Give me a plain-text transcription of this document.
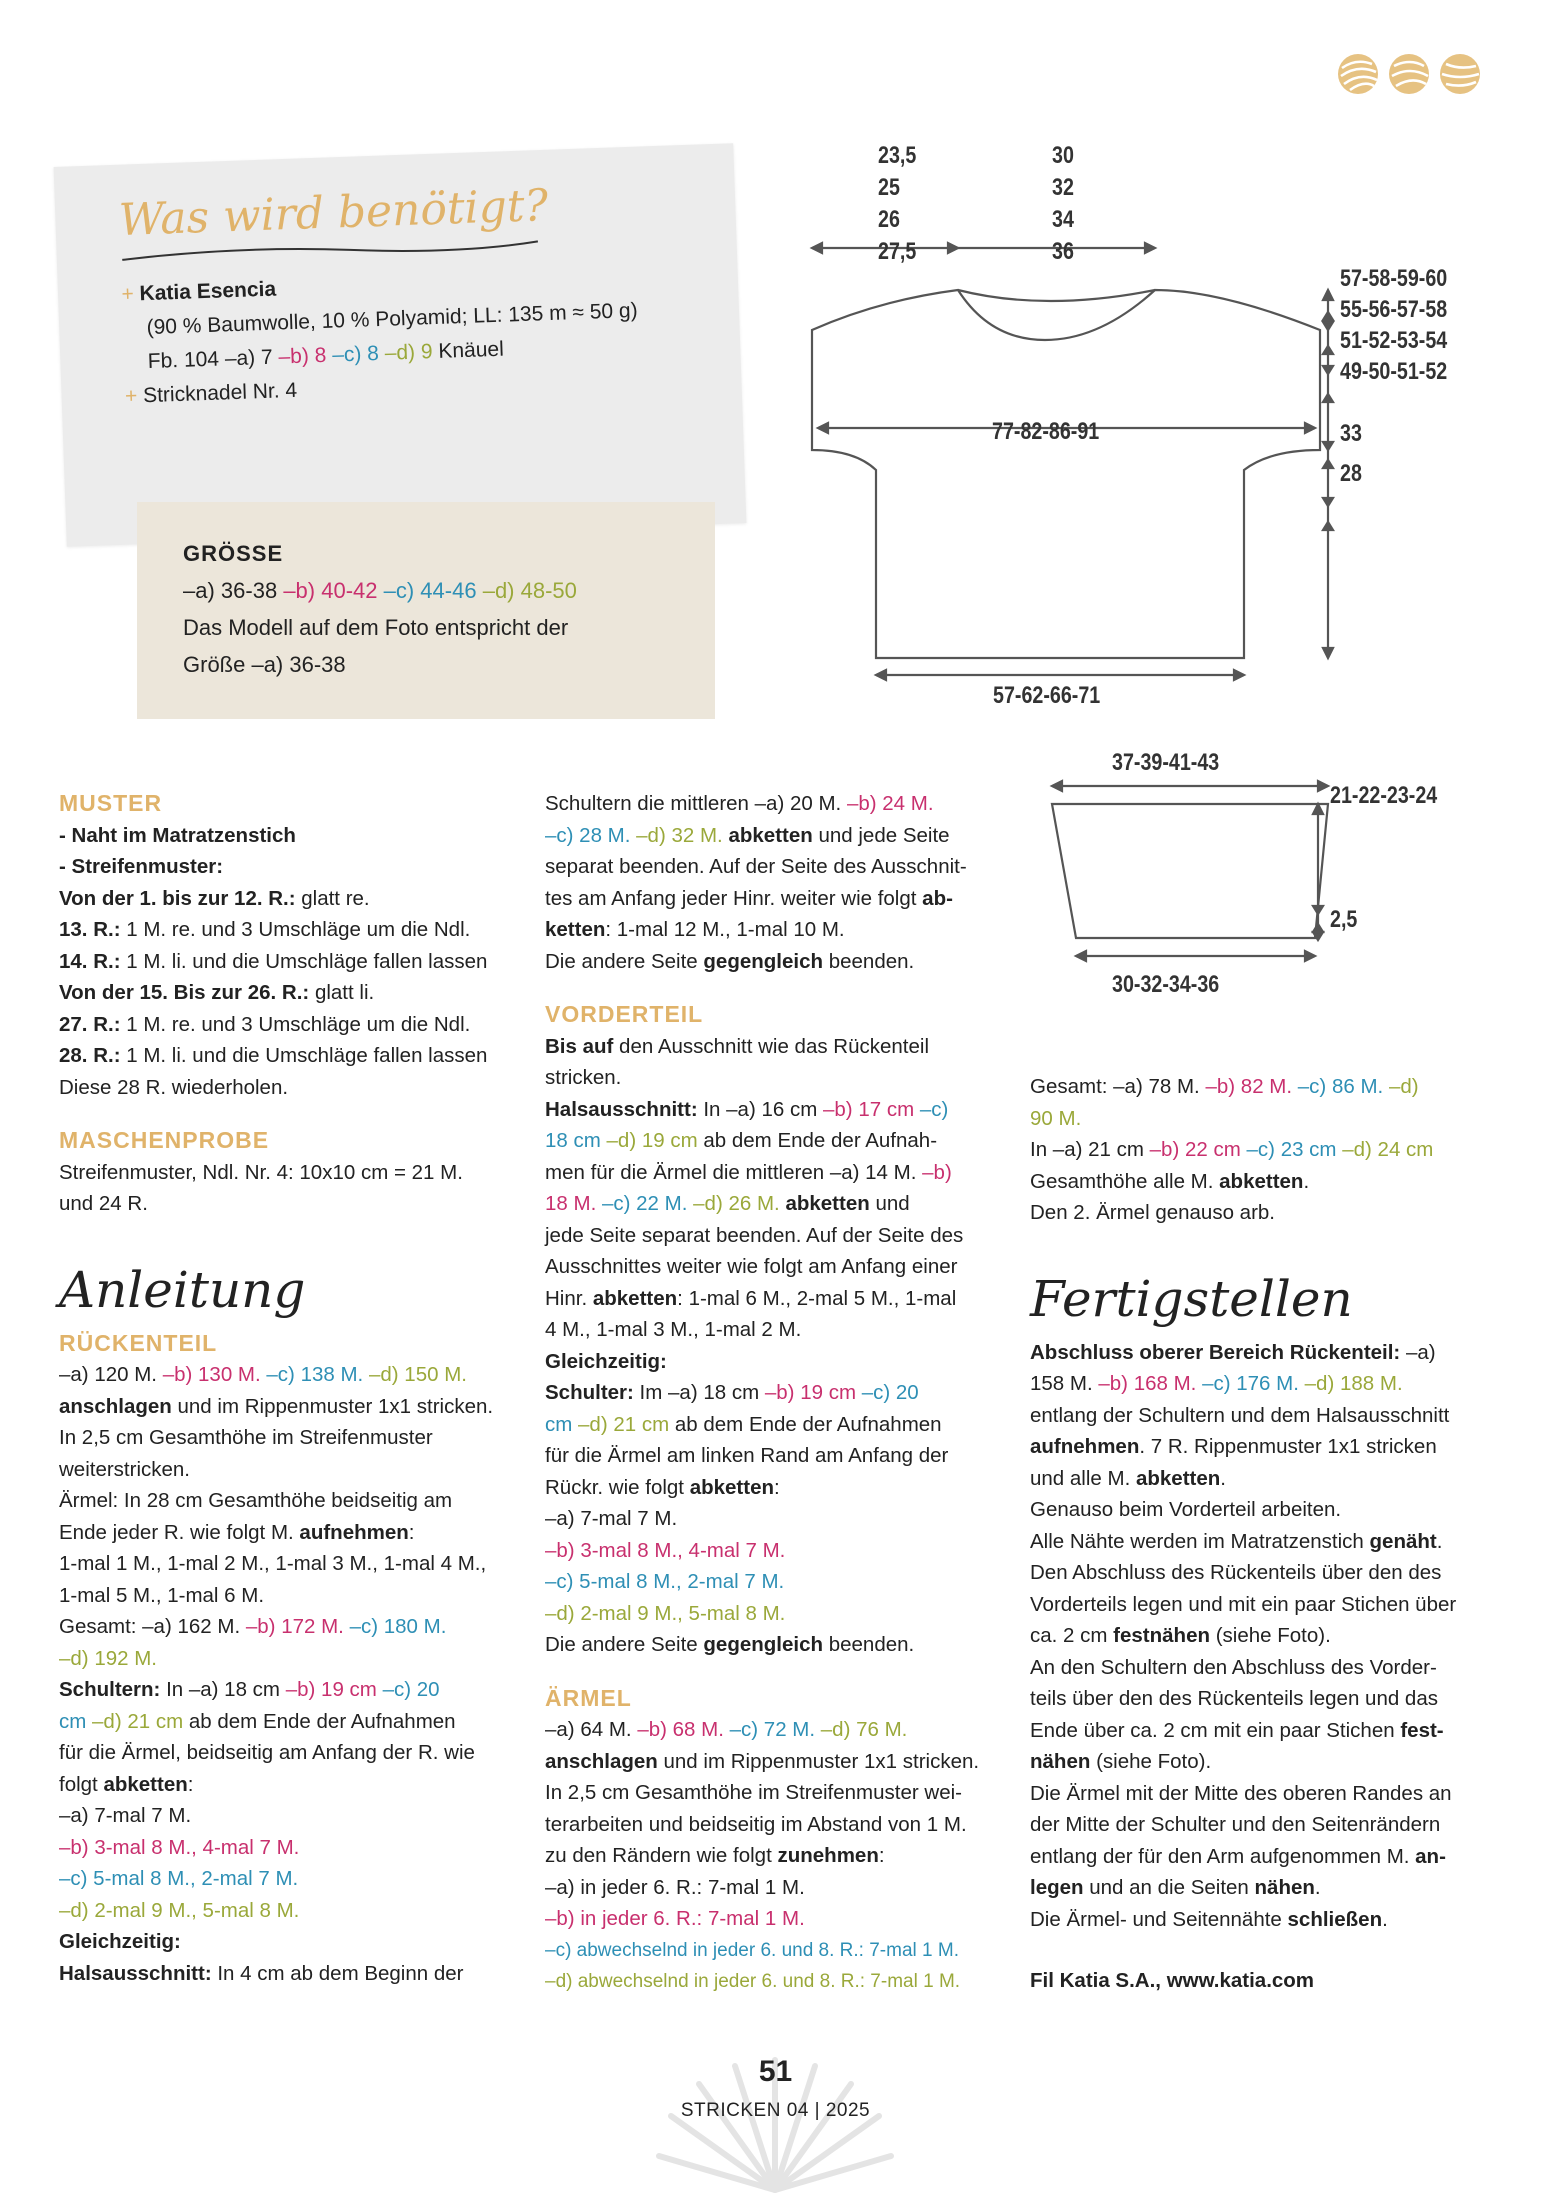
Was wird benötigt?
+ Katia Esencia
(90 % Baumwolle, 10 % Polyamid; LL: 135 m ≈ 50 g)
Fb. 104 –a) 7 –b) 8 –c) 8 –d) 9 Knäuel
+ Stricknadel Nr. 4
GRÖSSE
–a) 36-38 –b) 40-42 –c) 44-46 –d) 48-50
Das Modell auf dem Foto entspricht der
Größe –a) 36-38
23,5
25
26
27,5
30
32
34
36
57-58-59-60
55-56-57-58
51-52-53-54
49-50-51-52
77-82-86-91	33
28
57-62-66-71
37-39-41-43
21-22-23-24
2,5
30-32-34-36

MUSTER

- Naht im Matratzenstich

- Streifenmuster:

Von der 1. bis zur 12. R.: glatt re.

13. R.: 1 M. re. und 3 Umschläge um die Ndl.

14. R.: 1 M. li. und die Umschläge fallen lassen

Von der 15. Bis zur 26. R.: glatt li.

27. R.: 1 M. re. und 3 Umschläge um die Ndl.

28. R.: 1 M. li. und die Umschläge fallen lassen

Diese 28 R. wiederholen.

MASCHENPROBE

Streifenmuster, Ndl. Nr. 4: 10x10 cm = 21 M.

und 24 R.

Anleitung

RÜCKENTEIL

–a) 120 M. –b) 130 M. –c) 138 M. –d) 150 M.

anschlagen und im Rippenmuster 1x1 stricken.

In 2,5 cm Gesamthöhe im Streifenmuster

weiterstricken.

Ärmel: In 28 cm Gesamthöhe beidseitig am

Ende jeder R. wie folgt M. aufnehmen:

1-mal 1 M., 1-mal 2 M., 1-mal 3 M., 1-mal 4 M.,

1-mal 5 M., 1-mal 6 M.

Gesamt: –a) 162 M. –b) 172 M. –c) 180 M.

–d) 192 M.

Schultern: In –a) 18 cm –b) 19 cm –c) 20

cm –d) 21 cm ab dem Ende der Aufnahmen

für die Ärmel, beidseitig am Anfang der R. wie

folgt abketten:

–a) 7-mal 7 M.

–b) 3-mal 8 M., 4-mal 7 M.

–c) 5-mal 8 M., 2-mal 7 M.

–d) 2-mal 9 M., 5-mal 8 M.

Gleichzeitig:

Halsausschnitt: In 4 cm ab dem Beginn der

Schultern die mittleren –a) 20 M. –b) 24 M.

–c) 28 M. –d) 32 M. abketten und jede Seite

separat beenden. Auf der Seite des Ausschnit-

tes am Anfang jeder Hinr. weiter wie folgt ab-

ketten: 1-mal 12 M., 1-mal 10 M.

Die andere Seite gegengleich beenden.

VORDERTEIL

Bis auf den Ausschnitt wie das Rückenteil

stricken.

Halsausschnitt: In –a) 16 cm –b) 17 cm –c)

18 cm –d) 19 cm ab dem Ende der Aufnah-

men für die Ärmel die mittleren –a) 14 M. –b)

18 M. –c) 22 M. –d) 26 M. abketten und

jede Seite separat beenden. Auf der Seite des

Ausschnittes weiter wie folgt am Anfang einer

Hinr. abketten: 1-mal 6 M., 2-mal 5 M., 1-mal

4 M., 1-mal 3 M., 1-mal 2 M.

Gleichzeitig:

Schulter: Im –a) 18 cm –b) 19 cm –c) 20

cm –d) 21 cm ab dem Ende der Aufnahmen

für die Ärmel am linken Rand am Anfang der

Rückr. wie folgt abketten:

–a) 7-mal 7 M.

–b) 3-mal 8 M., 4-mal 7 M.

–c) 5-mal 8 M., 2-mal 7 M.

–d) 2-mal 9 M., 5-mal 8 M.

Die andere Seite gegengleich beenden.

ÄRMEL

–a) 64 M. –b) 68 M. –c) 72 M. –d) 76 M.

anschlagen und im Rippenmuster 1x1 stricken.

In 2,5 cm Gesamthöhe im Streifenmuster wei-

terarbeiten und beidseitig im Abstand von 1 M.

zu den Rändern wie folgt zunehmen:

–a) in jeder 6. R.: 7-mal 1 M.

–b) in jeder 6. R.: 7-mal 1 M.

–c) abwechselnd in jeder 6. und 8. R.: 7-mal 1 M.

–d) abwechselnd in jeder 6. und 8. R.: 7-mal 1 M.

Gesamt: –a) 78 M. –b) 82 M. –c) 86 M. –d)

90 M.

In –a) 21 cm –b) 22 cm –c) 23 cm –d) 24 cm

Gesamthöhe alle M. abketten.

Den 2. Ärmel genauso arb.

Fertigstellen

Abschluss oberer Bereich Rückenteil: –a)

158 M. –b) 168 M. –c) 176 M. –d) 188 M.

entlang der Schultern und dem Halsausschnitt

aufnehmen. 7 R. Rippenmuster 1x1 stricken

und alle M. abketten.

Genauso beim Vorderteil arbeiten.

Alle Nähte werden im Matratzenstich genäht.

Den Abschluss des Rückenteils über den des

Vorderteils legen und mit ein paar Stichen über

ca. 2 cm festnähen (siehe Foto).

An den Schultern den Abschluss des Vorder-

teils über den des Rückenteils legen und das

Ende über ca. 2 cm mit ein paar Stichen fest-

nähen (siehe Foto).

Die Ärmel mit der Mitte des oberen Randes an

der Mitte der Schulter und den Seitenrändern

entlang der für den Arm aufgenommen M. an-

legen und an die Seiten nähen.

Die Ärmel- und Seitennähte schließen.

Fil Katia S.A., www.katia.com

51
STRICKEN 04 | 2025
